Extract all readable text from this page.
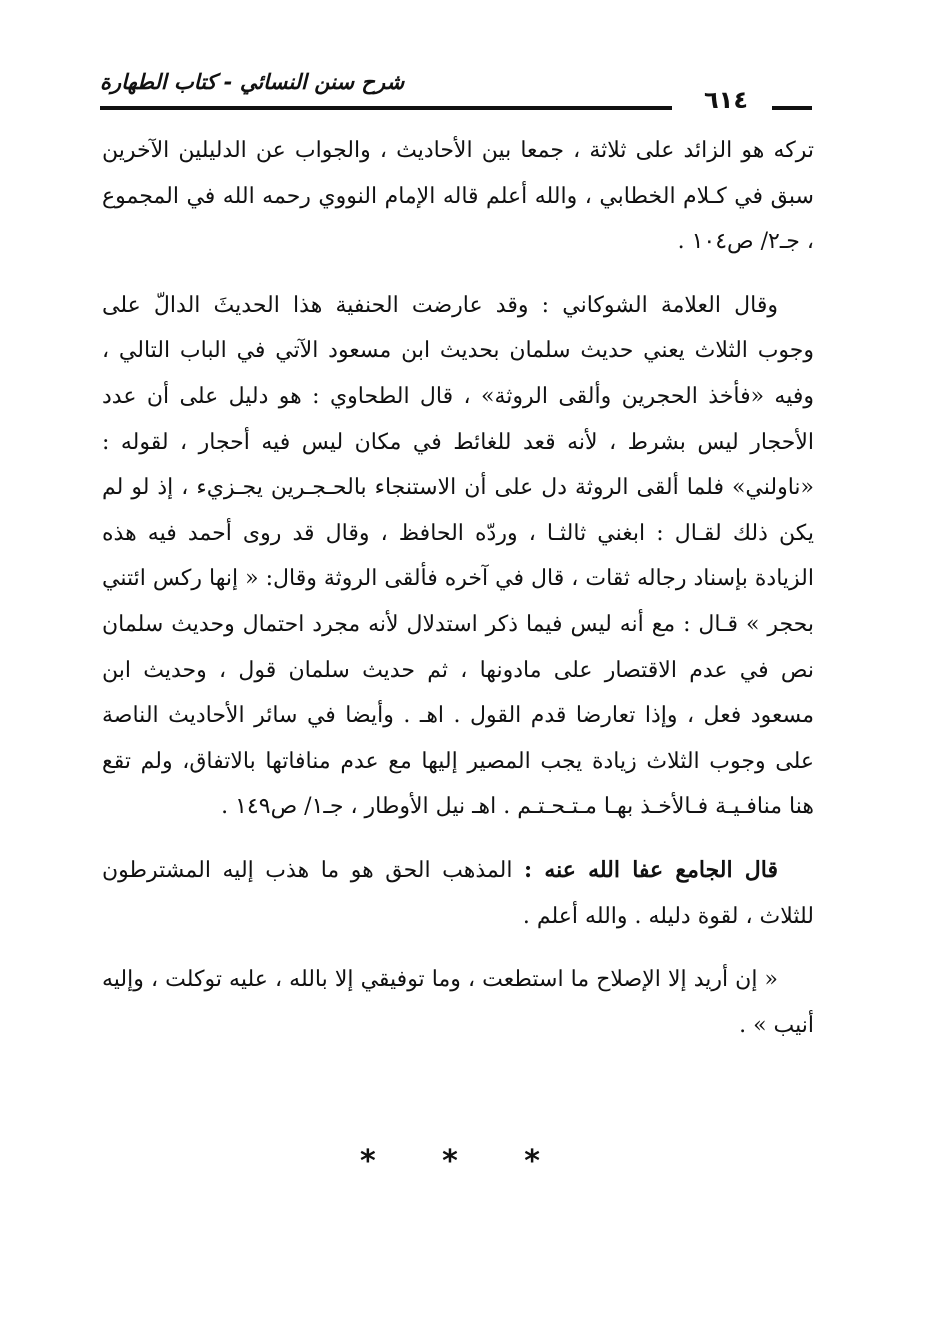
شرح سنن النسائي - كتاب الطهارة
٦١٤

تركه هو الزائد على ثلاثة ، جمعا بين الأحاديث ، والجواب عن الدليلين الآخرين سبق في كـلام الخطابي ، والله أعلم قاله الإمام النووي رحمه الله في المجموع ، جـ٢/ ص١٠٤ .

وقال العلامة الشوكاني : وقد عارضت الحنفية هذا الحديثَ الدالّ على وجوب الثلاث يعني حديث سلمان بحديث ابن مسعود الآتي في الباب التالي ، وفيه «فأخذ الحجرين وألقى الروثة» ، قال الطحاوي : هو دليل على أن عدد الأحجار ليس بشرط ، لأنه قعد للغائط في مكان ليس فيه أحجار ، لقوله : «ناولني» فلما ألقى الروثة دل على أن الاستنجاء بالحـجـرين يجـزيء ، إذ لو لم يكن ذلك لقـال : ابغني ثالثـا ، وردّه الحافظ ، وقال قد روى أحمد فيه هذه الزيادة بإسناد رجاله ثقات ، قال في آخره فألقى الروثة وقال: « إنها ركس ائتني بحجر » قـال : مع أنه ليس فيما ذكر استدلال لأنه مجرد احتمال وحديث سلمان نص في عدم الاقتصار على مادونها ، ثم حديث سلمان قول ، وحديث ابن مسعود فعل ، وإذا تعارضا قدم القول . اهـ . وأيضا في سائر الأحاديث الناصة على وجوب الثلاث زيادة يجب المصير إليها مع عدم منافاتها بالاتفاق، ولم تقع هنا منافـيـة فـالأخـذ بهـا مـتـحـتـم . اهـ نيل الأوطار ، جـ١/ ص١٤٩ .

قال الجامع عفا الله عنه : المذهب الحق هو ما هذب إليه المشترطون للثلاث ، لقوة دليله . والله أعلم .

« إن أريد إلا الإصلاح ما استطعت ، وما توفيقي إلا بالله ، عليه توكلت ، وإليه أنيب » .

* * *
